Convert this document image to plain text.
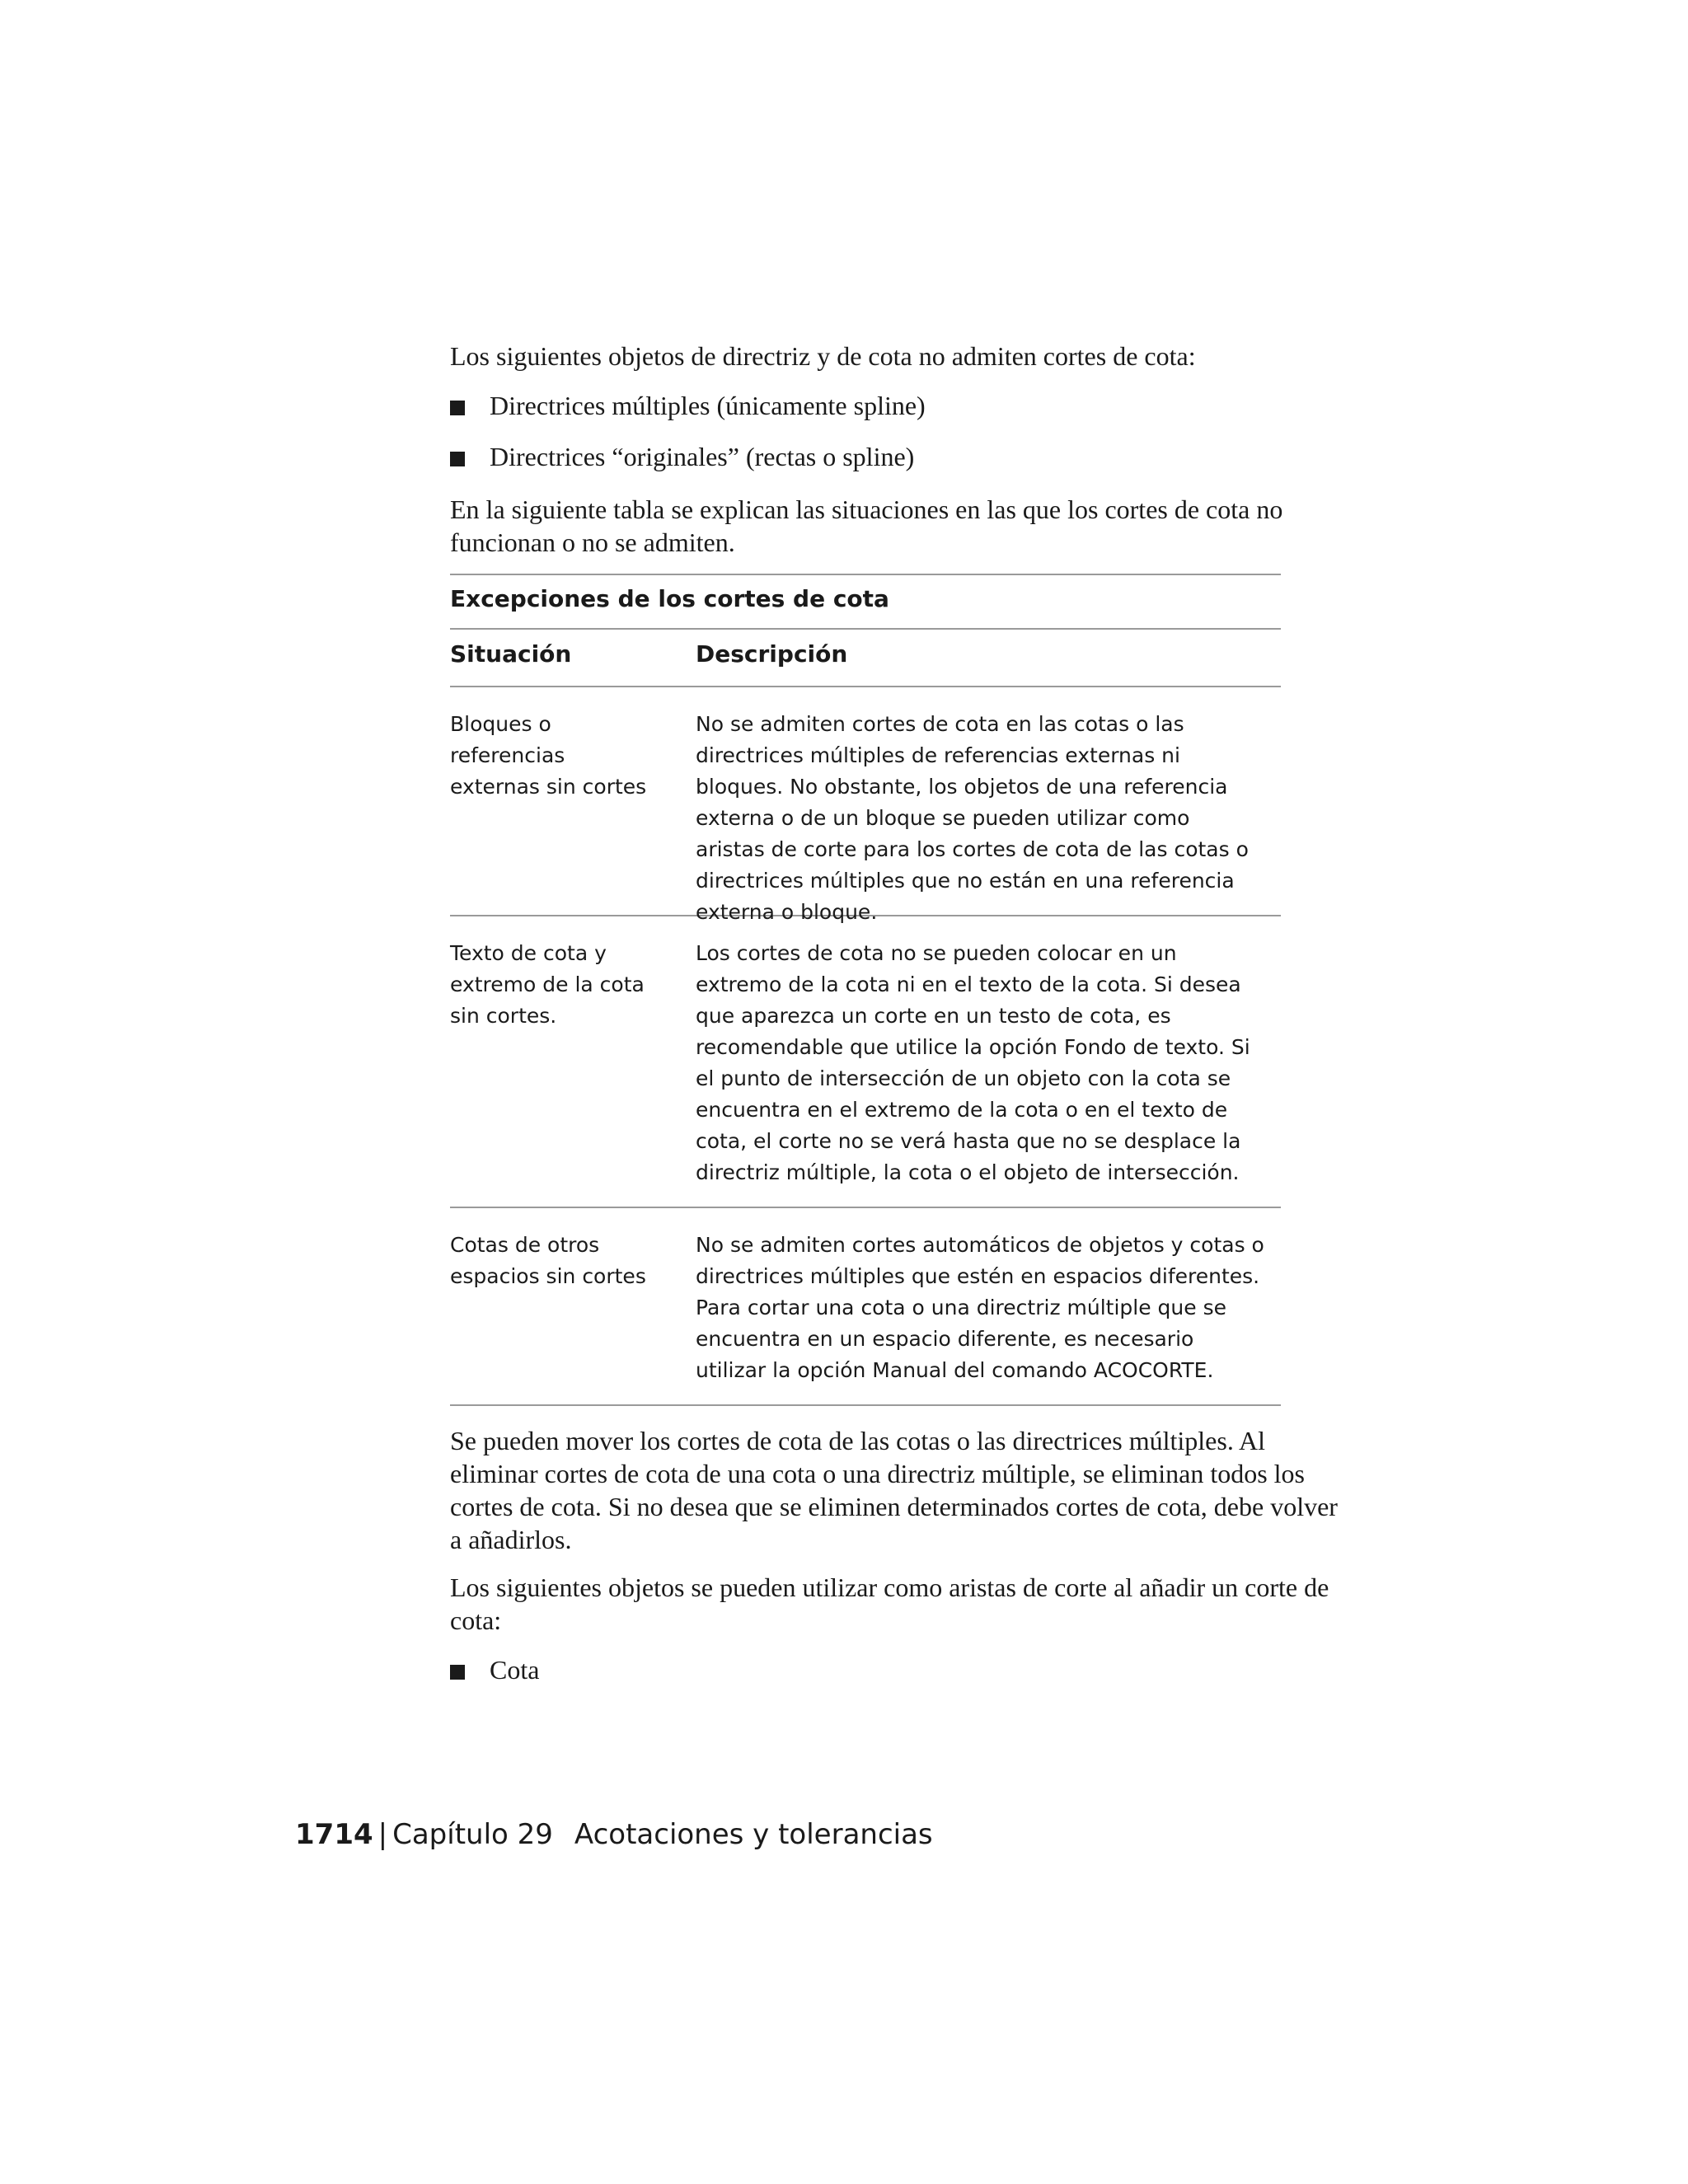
Los siguientes objetos de directriz y de cota no admiten cortes de cota:

Directrices múltiples (únicamente spline)
Directrices “originales” (rectas o spline)

En la siguiente tabla se explican las situaciones en las que los cortes de cota no funcionan o no se admiten.

Excepciones de los cortes de cota
Situación	Descripción
Bloques o referencias externas sin cortes
No se admiten cortes de cota en las cotas o las directrices múltiples de referencias externas ni bloques. No obstante, los objetos de una referencia externa o de un bloque se pueden utilizar como aristas de corte para los cortes de cota de las cotas o directrices múltiples que no están en una referencia externa o bloque.
Texto de cota y extremo de la cota sin cortes.
Los cortes de cota no se pueden colocar en un extremo de la cota ni en el texto de la cota. Si desea que aparezca un corte en un testo de cota, es recomendable que utilice la opción Fondo de texto. Si el punto de intersección de un objeto con la cota se encuentra en el extremo de la cota o en el texto de cota, el corte no se verá hasta que no se desplace la directriz múltiple, la cota o el objeto de intersección.
Cotas de otros espacios sin cortes
No se admiten cortes automáticos de objetos y cotas o directrices múltiples que estén en espacios diferentes. Para cortar una cota o una directriz múltiple que se encuentra en un espacio diferente, es necesario utilizar la opción Manual del comando ACOCORTE.

Se pueden mover los cortes de cota de las cotas o las directrices múltiples. Al eliminar cortes de cota de una cota o una directriz múltiple, se eliminan todos los cortes de cota. Si no desea que se eliminen determinados cortes de cota, debe volver a añadirlos.

Los siguientes objetos se pueden utilizar como aristas de corte al añadir un corte de cota:

Cota
1714 | Capítulo 29 Acotaciones y tolerancias
